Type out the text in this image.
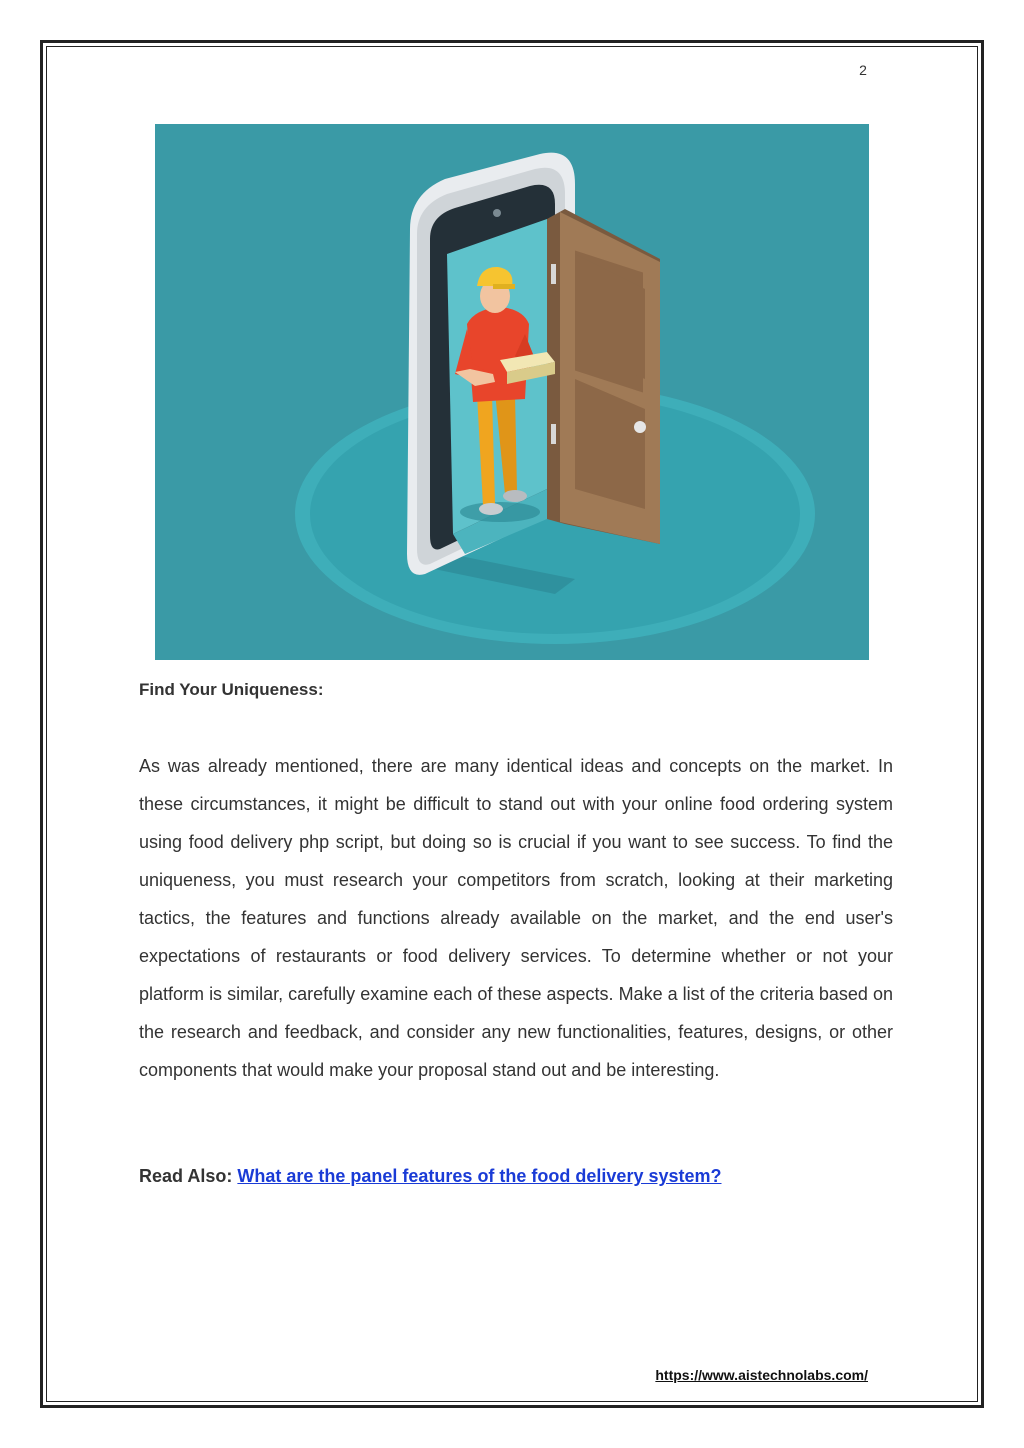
2
Find Your Uniqueness:

As was already mentioned, there are many identical ideas and concepts on the market. In these circumstances, it might be difficult to stand out with your online food ordering system using food delivery php script, but doing so is crucial if you want to see success. To find the uniqueness, you must research your competitors from scratch, looking at their marketing tactics, the features and functions already available on the market, and the end user's expectations of restaurants or food delivery services. To determine whether or not your platform is similar, carefully examine each of these aspects. Make a list of the criteria based on the research and feedback, and consider any new functionalities, features, designs, or other components that would make your proposal stand out and be interesting.

Read Also: What are the panel features of the food delivery system?

https://www.aistechnolabs.com/
